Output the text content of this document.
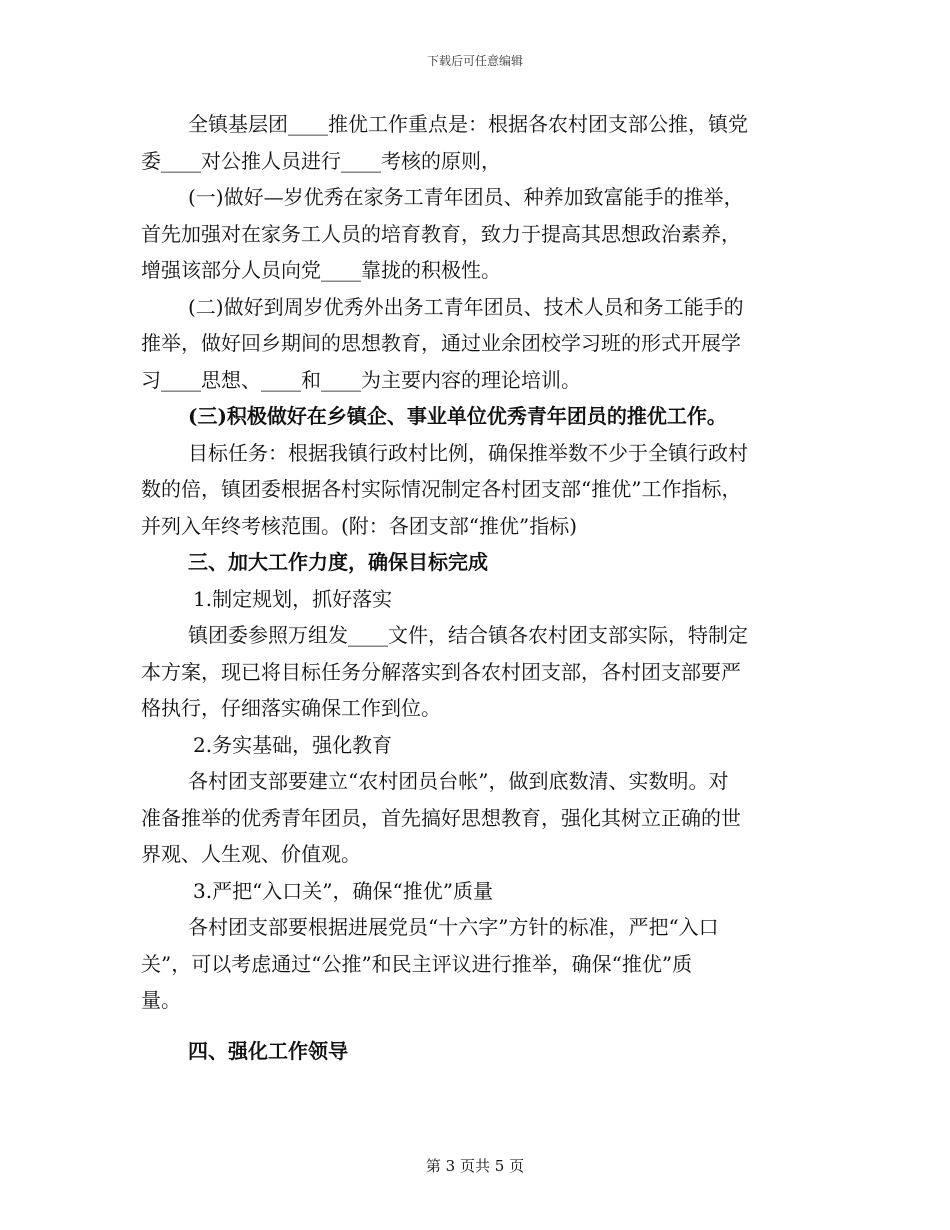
下载后可任意编辑
全镇基层团____推优工作重点是：根据各农村团支部公推，镇党
委____对公推人员进行____考核的原则，
(一)做好—岁优秀在家务工青年团员、种养加致富能手的推举，
首先加强对在家务工人员的培育教育，致力于提高其思想政治素养，
增强该部分人员向党____靠拢的积极性。
(二)做好到周岁优秀外出务工青年团员、技术人员和务工能手的
推举，做好回乡期间的思想教育，通过业余团校学习班的形式开展学
习____思想、____和____为主要内容的理论培训。
(三)积极做好在乡镇企、事业单位优秀青年团员的推优工作。
目标任务：根据我镇行政村比例，确保推举数不少于全镇行政村
数的倍，镇团委根据各村实际情况制定各村团支部“推优”工作指标，
并列入年终考核范围。(附：各团支部“推优”指标)
三、加大工作力度，确保目标完成
1.制定规划，抓好落实
镇团委参照万组发____文件，结合镇各农村团支部实际，特制定
本方案，现已将目标任务分解落实到各农村团支部，各村团支部要严
格执行，仔细落实确保工作到位。
2.务实基础，强化教育
各村团支部要建立“农村团员台帐”，做到底数清、实数明。对
准备推举的优秀青年团员，首先搞好思想教育，强化其树立正确的世
界观、人生观、价值观。
3.严把“入口关”，确保“推优”质量
各村团支部要根据进展党员“十六字”方针的标准，严把“入口
关”，可以考虑通过“公推”和民主评议进行推举，确保“推优”质
量。
四、强化工作领导
第 3 页共 5 页
